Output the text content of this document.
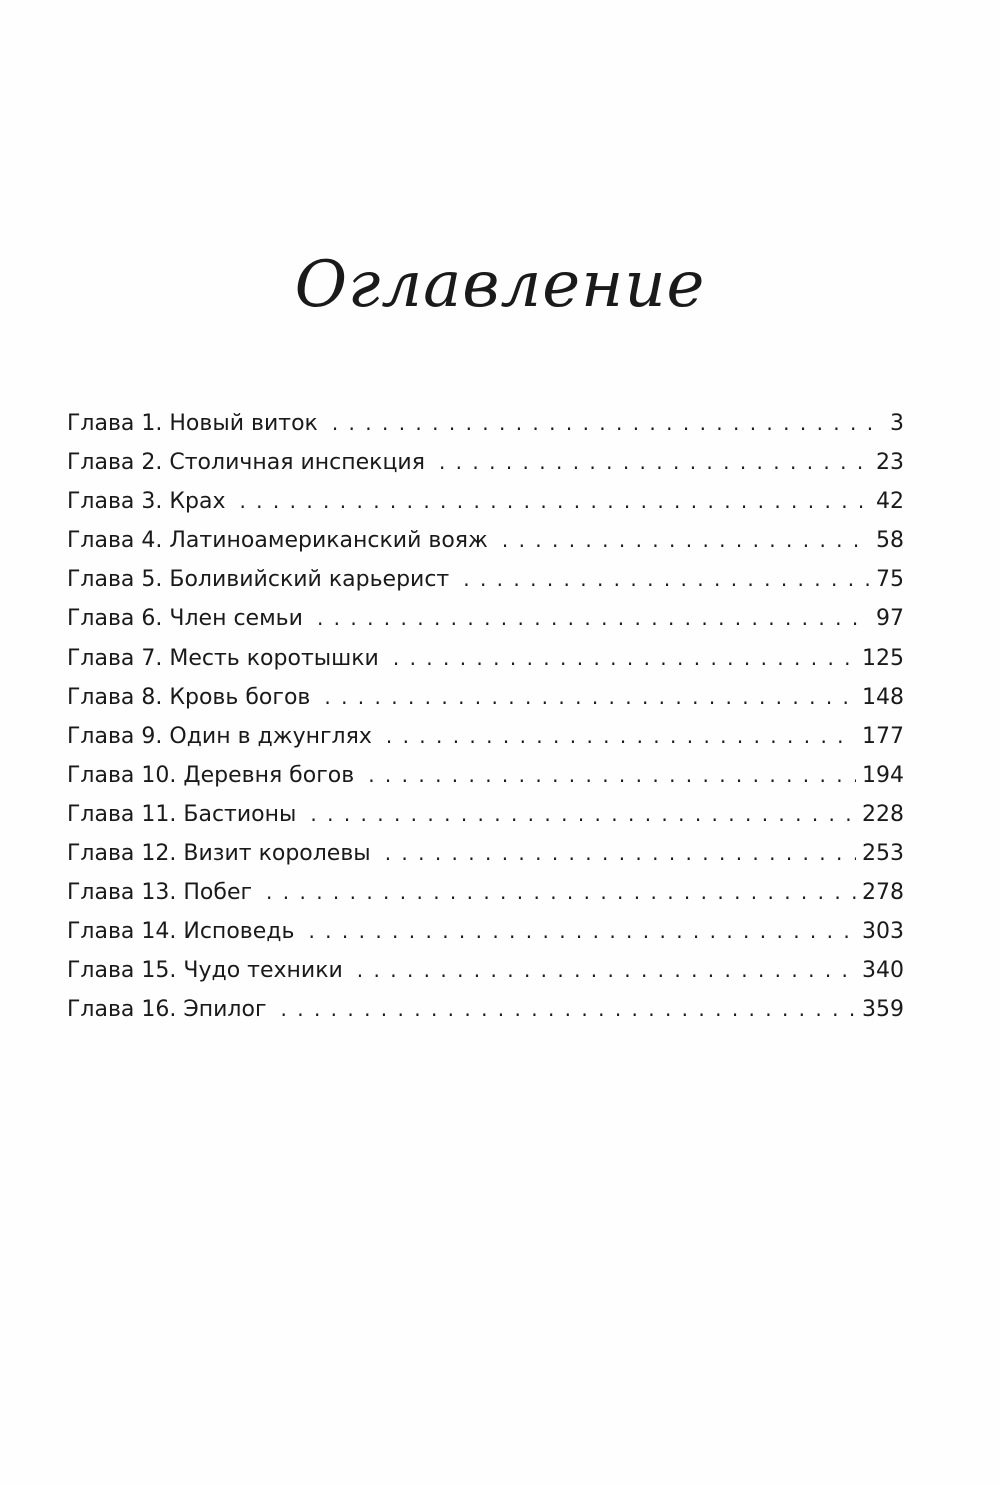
Оглавление
Глава 1. Новый виток . . .	3
Глава 2. Столичная инспекция . . .	23
Глава 3. Крах . . .	42
Глава 4. Латиноамериканский вояж . . .	58
Глава 5. Боливийский карьерист . . .	75
Глава 6. Член семьи . . .	97
Глава 7. Месть коротышки . . .	125
Глава 8. Кровь богов . . .	148
Глава 9. Один в джунглях . . .	177
Глава 10. Деревня богов . . .	194
Глава 11. Бастионы . . .	228
Глава 12. Визит королевы . . .	253
Глава 13. Побег . . .	278
Глава 14. Исповедь . . .	303
Глава 15. Чудо техники . . .	340
Глава 16. Эпилог . . .	359
